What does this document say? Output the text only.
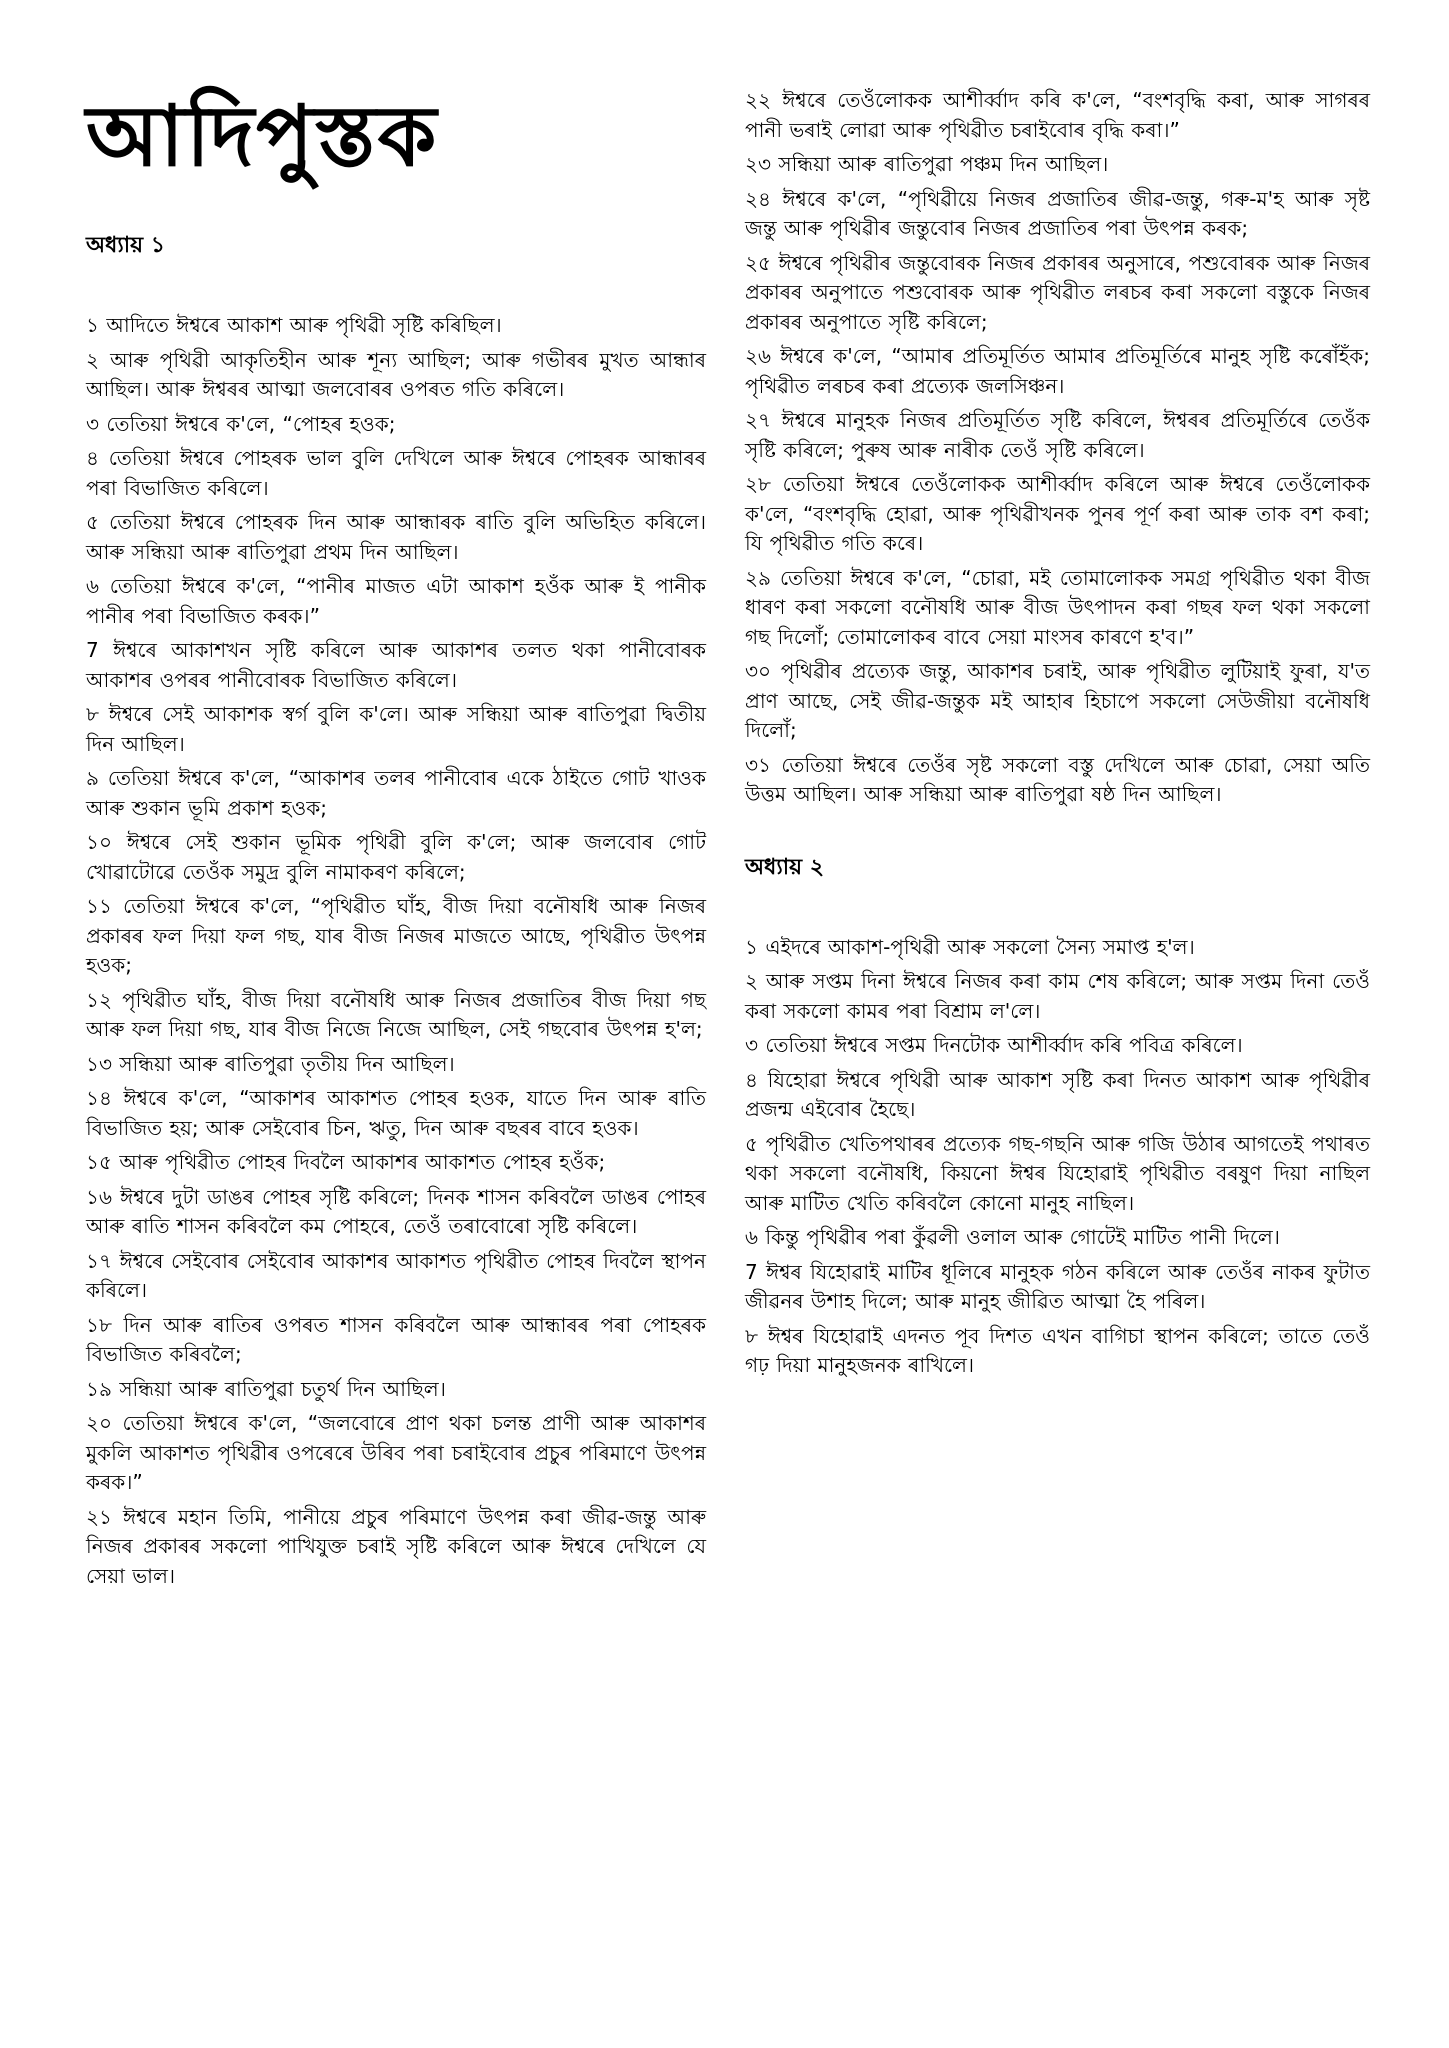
আদিপুস্তক
অধ্যায় ১

১ আদিতে ঈশ্বৰে আকাশ আৰু পৃথিৱী সৃষ্টি কৰিছিল।

২ আৰু পৃথিৱী আকৃতিহীন আৰু শূন্য আছিল; আৰু গভীৰৰ মুখত আন্ধাৰ আছিল। আৰু ঈশ্বৰৰ আত্মা জলবোৰৰ ওপৰত গতি কৰিলে।

৩ তেতিয়া ঈশ্বৰে ক'লে, “পোহৰ হওক;

৪ তেতিয়া ঈশ্বৰে পোহৰক ভাল বুলি দেখিলে আৰু ঈশ্বৰে পোহৰক আন্ধাৰৰ পৰা বিভাজিত কৰিলে।

৫ তেতিয়া ঈশ্বৰে পোহৰক দিন আৰু আন্ধাৰক ৰাতি বুলি অভিহিত কৰিলে। আৰু সন্ধিয়া আৰু ৰাতিপুৱা প্ৰথম দিন আছিল।

৬ তেতিয়া ঈশ্বৰে ক'লে, “পানীৰ মাজত এটা আকাশ হওঁক আৰু ই পানীক পানীৰ পৰা বিভাজিত কৰক।”

7 ঈশ্বৰে আকাশখন সৃষ্টি কৰিলে আৰু আকাশৰ তলত থকা পানীবোৰক আকাশৰ ওপৰৰ পানীবোৰক বিভাজিত কৰিলে।

৮ ঈশ্বৰে সেই আকাশক স্বৰ্গ বুলি ক'লে। আৰু সন্ধিয়া আৰু ৰাতিপুৱা দ্বিতীয় দিন আছিল।

৯ তেতিয়া ঈশ্বৰে ক'লে, “আকাশৰ তলৰ পানীবোৰ একে ঠাইতে গোট খাওক আৰু শুকান ভূমি প্ৰকাশ হওক;

১০ ঈশ্বৰে সেই শুকান ভূমিক পৃথিৱী বুলি ক'লে; আৰু জলবোৰ গোট খোৱাটোৱে তেওঁক সমুদ্ৰ বুলি নামাকৰণ কৰিলে;

১১ তেতিয়া ঈশ্বৰে ক'লে, “পৃথিৱীত ঘাঁহ, বীজ দিয়া বনৌষধি আৰু নিজৰ প্ৰকাৰৰ ফল দিয়া ফল গছ, যাৰ বীজ নিজৰ মাজতে আছে, পৃথিৱীত উৎপন্ন হওক;

১২ পৃথিৱীত ঘাঁহ, বীজ দিয়া বনৌষধি আৰু নিজৰ প্ৰজাতিৰ বীজ দিয়া গছ আৰু ফল দিয়া গছ, যাৰ বীজ নিজে নিজে আছিল, সেই গছবোৰ উৎপন্ন হ'ল;

১৩ সন্ধিয়া আৰু ৰাতিপুৱা তৃতীয় দিন আছিল।

১৪ ঈশ্বৰে ক'লে, “আকাশৰ আকাশত পোহৰ হওক, যাতে দিন আৰু ৰাতি বিভাজিত হয়; আৰু সেইবোৰ চিন, ঋতু, দিন আৰু বছৰৰ বাবে হওক।

১৫ আৰু পৃথিৱীত পোহৰ দিবলৈ আকাশৰ আকাশত পোহৰ হওঁক;

১৬ ঈশ্বৰে দুটা ডাঙৰ পোহৰ সৃষ্টি কৰিলে; দিনক শাসন কৰিবলৈ ডাঙৰ পোহৰ আৰু ৰাতি শাসন কৰিবলৈ কম পোহৰে, তেওঁ তৰাবোৰো সৃষ্টি কৰিলে।

১৭ ঈশ্বৰে সেইবোৰ সেইবোৰ আকাশৰ আকাশত পৃথিৱীত পোহৰ দিবলৈ স্থাপন কৰিলে।

১৮ দিন আৰু ৰাতিৰ ওপৰত শাসন কৰিবলৈ আৰু আন্ধাৰৰ পৰা পোহৰক বিভাজিত কৰিবলৈ;

১৯ সন্ধিয়া আৰু ৰাতিপুৱা চতুৰ্থ দিন আছিল।

২০ তেতিয়া ঈশ্বৰে ক'লে, “জলবোৰে প্ৰাণ থকা চলন্ত প্ৰাণী আৰু আকাশৰ মুকলি আকাশত পৃথিৱীৰ ওপৰেৰে উৰিব পৰা চৰাইবোৰ প্ৰচুৰ পৰিমাণে উৎপন্ন কৰক।”

২১ ঈশ্বৰে মহান তিমি, পানীয়ে প্ৰচুৰ পৰিমাণে উৎপন্ন কৰা জীৱ-জন্তু আৰু নিজৰ প্ৰকাৰৰ সকলো পাখিযুক্ত চৰাই সৃষ্টি কৰিলে আৰু ঈশ্বৰে দেখিলে যে সেয়া ভাল।

২২ ঈশ্বৰে তেওঁলোকক আশীৰ্ব্বাদ কৰি ক'লে, “বংশবৃদ্ধি কৰা, আৰু সাগৰৰ পানী ভৰাই লোৱা আৰু পৃথিৱীত চৰাইবোৰ বৃদ্ধি কৰা।”

২৩ সন্ধিয়া আৰু ৰাতিপুৱা পঞ্চম দিন আছিল।

২৪ ঈশ্বৰে ক'লে, “পৃথিৱীয়ে নিজৰ প্ৰজাতিৰ জীৱ-জন্তু, গৰু-ম'হ আৰু সৃষ্ট জন্তু আৰু পৃথিৱীৰ জন্তুবোৰ নিজৰ প্ৰজাতিৰ পৰা উৎপন্ন কৰক;

২৫ ঈশ্বৰে পৃথিৱীৰ জন্তুবোৰক নিজৰ প্ৰকাৰৰ অনুসাৰে, পশুবোৰক আৰু নিজৰ প্ৰকাৰৰ অনুপাতে পশুবোৰক আৰু পৃথিৱীত লৰচৰ কৰা সকলো বস্তুকে নিজৰ প্ৰকাৰৰ অনুপাতে সৃষ্টি কৰিলে;

২৬ ঈশ্বৰে ক'লে, “আমাৰ প্ৰতিমূৰ্তিত আমাৰ প্ৰতিমূৰ্তিৰে মানুহ সৃষ্টি কৰোঁহঁক; পৃথিৱীত লৰচৰ কৰা প্ৰত্যেক জলসিঞ্চন।

২৭ ঈশ্বৰে মানুহক নিজৰ প্ৰতিমূৰ্তিত সৃষ্টি কৰিলে, ঈশ্বৰৰ প্ৰতিমূৰ্তিৰে তেওঁক সৃষ্টি কৰিলে; পুৰুষ আৰু নাৰীক তেওঁ সৃষ্টি কৰিলে।

২৮ তেতিয়া ঈশ্বৰে তেওঁলোকক আশীৰ্ব্বাদ কৰিলে আৰু ঈশ্বৰে তেওঁলোকক ক'লে, “বংশবৃদ্ধি হোৱা, আৰু পৃথিৱীখনক পুনৰ পূৰ্ণ কৰা আৰু তাক বশ কৰা; যি পৃথিৱীত গতি কৰে।

২৯ তেতিয়া ঈশ্বৰে ক'লে, “চোৱা, মই তোমালোকক সমগ্ৰ পৃথিৱীত থকা বীজ ধাৰণ কৰা সকলো বনৌষধি আৰু বীজ উৎপাদন কৰা গছৰ ফল থকা সকলো গছ দিলোঁ; তোমালোকৰ বাবে সেয়া মাংসৰ কাৰণে হ'ব।”

৩০ পৃথিৱীৰ প্ৰত্যেক জন্তু, আকাশৰ চৰাই, আৰু পৃথিৱীত লুটিয়াই ফুৰা, য'ত প্ৰাণ আছে, সেই জীৱ-জন্তুক মই আহাৰ হিচাপে সকলো সেউজীয়া বনৌষধি দিলোঁ;

৩১ তেতিয়া ঈশ্বৰে তেওঁৰ সৃষ্ট সকলো বস্তু দেখিলে আৰু চোৱা, সেয়া অতি উত্তম আছিল। আৰু সন্ধিয়া আৰু ৰাতিপুৱা ষষ্ঠ দিন আছিল।

অধ্যায় ২

১ এইদৰে আকাশ-পৃথিৱী আৰু সকলো সৈন্য সমাপ্ত হ'ল।

২ আৰু সপ্তম দিনা ঈশ্বৰে নিজৰ কৰা কাম শেষ কৰিলে; আৰু সপ্তম দিনা তেওঁ কৰা সকলো কামৰ পৰা বিশ্ৰাম ল'লে।

৩ তেতিয়া ঈশ্বৰে সপ্তম দিনটোক আশীৰ্ব্বাদ কৰি পবিত্ৰ কৰিলে।

৪ যিহোৱা ঈশ্বৰে পৃথিৱী আৰু আকাশ সৃষ্টি কৰা দিনত আকাশ আৰু পৃথিৱীৰ প্ৰজন্ম এইবোৰ হৈছে।

৫ পৃথিৱীত খেতিপথাৰৰ প্ৰত্যেক গছ-গছনি আৰু গজি উঠাৰ আগতেই পথাৰত থকা সকলো বনৌষধি, কিয়নো ঈশ্বৰ যিহোৱাই পৃথিৱীত বৰষুণ দিয়া নাছিল আৰু মাটিত খেতি কৰিবলৈ কোনো মানুহ নাছিল।

৬ কিন্তু পৃথিৱীৰ পৰা কুঁৱলী ওলাল আৰু গোটেই মাটিত পানী দিলে।

7 ঈশ্বৰ যিহোৱাই মাটিৰ ধূলিৰে মানুহক গঠন কৰিলে আৰু তেওঁৰ নাকৰ ফুটাত জীৱনৰ উশাহ দিলে; আৰু মানুহ জীৱিত আত্মা হৈ পৰিল।

৮ ঈশ্বৰ যিহোৱাই এদনত পূব দিশত এখন বাগিচা স্থাপন কৰিলে; তাতে তেওঁ গঢ় দিয়া মানুহজনক ৰাখিলে।
